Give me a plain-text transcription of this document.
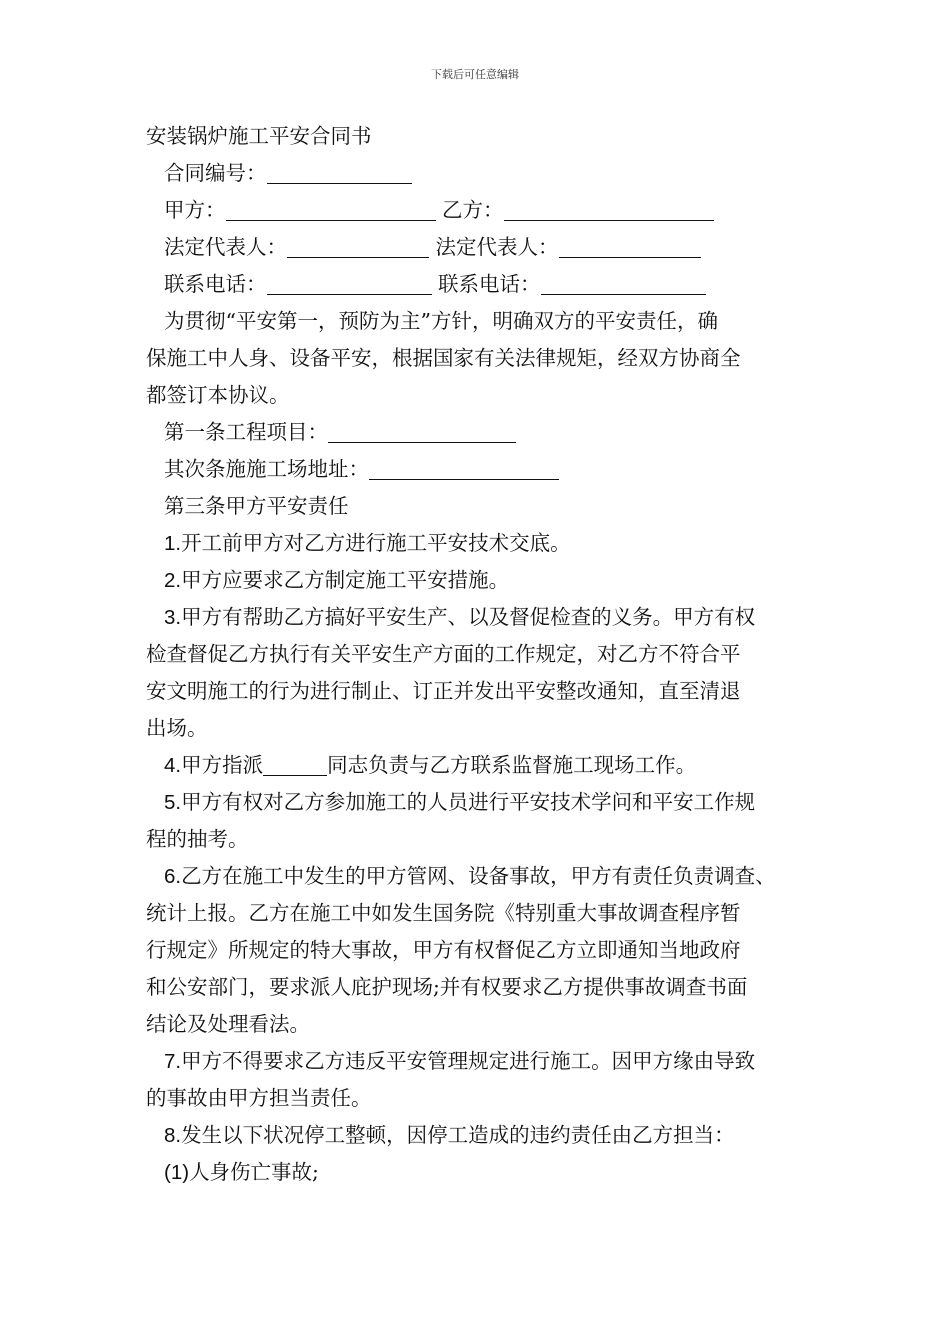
下载后可任意编辑
安装锅炉施工平安合同书
合同编号：
甲方：	乙方：
法定代表人：	法定代表人：
联系电话：	联系电话：
为贯彻“平安第一，预防为主”方针，明确双方的平安责任，确
保施工中人身、设备平安，根据国家有关法律规矩，经双方协商全
都签订本协议。
第一条工程项目：
其次条施施工场地址：
第三条甲方平安责任
1.开工前甲方对乙方进行施工平安技术交底。
2.甲方应要求乙方制定施工平安措施。
3.甲方有帮助乙方搞好平安生产、以及督促检查的义务。甲方有权
检查督促乙方执行有关平安生产方面的工作规定，对乙方不符合平
安文明施工的行为进行制止、订正并发出平安整改通知，直至清退
出场。
4.甲方指派	同志负责与乙方联系监督施工现场工作。
5.甲方有权对乙方参加施工的人员进行平安技术学问和平安工作规
程的抽考。
6.乙方在施工中发生的甲方管网、设备事故，甲方有责任负责调查、
统计上报。乙方在施工中如发生国务院《特别重大事故调查程序暂
行规定》所规定的特大事故，甲方有权督促乙方立即通知当地政府
和公安部门，要求派人庇护现场;并有权要求乙方提供事故调查书面
结论及处理看法。
7.甲方不得要求乙方违反平安管理规定进行施工。因甲方缘由导致
的事故由甲方担当责任。
8.发生以下状况停工整顿，因停工造成的违约责任由乙方担当：
(1)人身伤亡事故;
